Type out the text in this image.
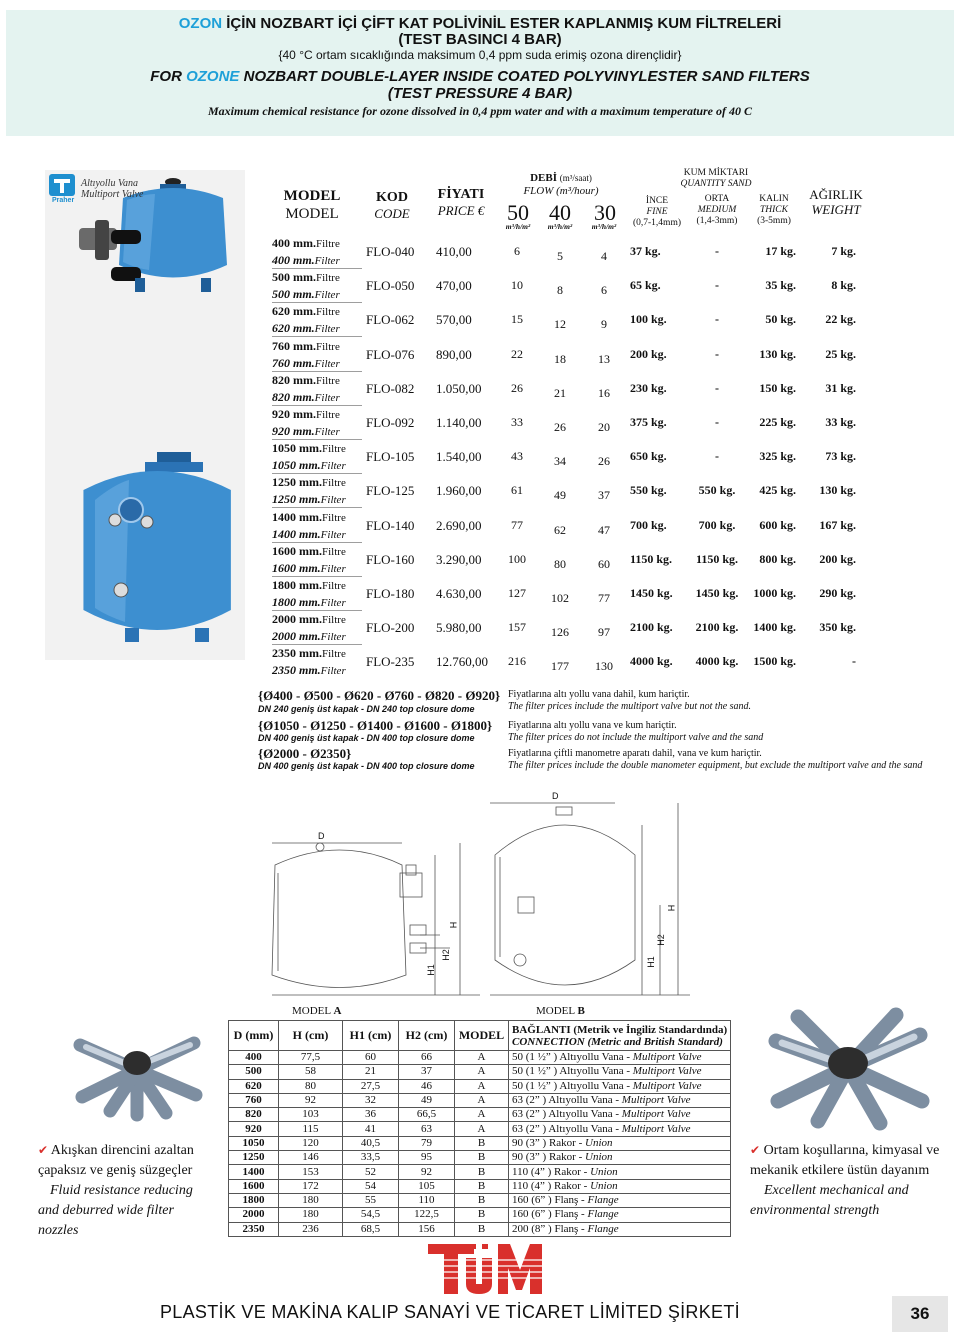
OZON İÇİN NOZBART İÇİ ÇİFT KAT POLİVİNİL ESTER KAPLANMIŞ KUM FİLTRELERİ
(TEST BASINCI 4 BAR)
{40 °C ortam sıcaklığında maksimum 0,4 ppm suda erimiş ozona dirençlidir}
FOR OZONE NOZBART DOUBLE-LAYER INSIDE COATED POLYVINYLESTER SAND FILTERS
(TEST PRESSURE 4 BAR)
Maximum chemical resistance for ozone dissolved in 0,4 ppm water and with a maximum temperature of 40 C
Praher
Altıyollu Vana
Multiport Valve	MODEL
MODEL
KOD
CODE
FİYATI
PRICE €
DEBİ (m³/saat)
FLOW (m³/hour)
50 40	30
m³/h/m²	m³/h/m²	m³/h/m²
KUM MİKTARI
QUANTITY SAND
İNCE
FINE
(0,7-1,4mm)
ORTA
MEDIUM
(1,4-3mm)
KALIN
THICK
(3-5mm)
AĞIRLIK
WEIGHT
400 mm.Filtre
400 mm.Filter
FLO-040 410,00	6	5	4	37 kg.	-	17 kg.	7 kg.
500 mm.Filtre
500 mm.Filter
FLO-050 470,00	10	8	6	65 kg.	-	35 kg.	8 kg.
620 mm.Filtre
620 mm.Filter
FLO-062 570,00	15	12	9	100 kg.	-	50 kg.	22 kg.
760 mm.Filtre
760 mm.Filter
FLO-076 890,00	22	18	13	200 kg.	-	130 kg.	25 kg.
820 mm.Filtre
820 mm.Filter
FLO-082 1.050,00	26	21	16	230 kg.	-	150 kg.	31 kg.
920 mm.Filtre
920 mm.Filter
FLO-092 1.140,00	33	26	20	375 kg.	-	225 kg.	33 kg.
1050 mm.Filtre
1050 mm.Filter
FLO-105 1.540,00	43	34	26	650 kg.	-	325 kg.	73 kg.
1250 mm.Filtre
1250 mm.Filter
FLO-125 1.960,00	61	49	37	550 kg.	550 kg.	425 kg.	130 kg.
1400 mm.Filtre
1400 mm.Filter
FLO-140 2.690,00	77	62	47	700 kg.	700 kg.	600 kg.	167 kg.
1600 mm.Filtre
1600 mm.Filter
FLO-160 3.290,00	100	80	60	1150 kg.	1150 kg.	800 kg.	200 kg.
1800 mm.Filtre
1800 mm.Filter
FLO-180 4.630,00	127	102	77	1450 kg.	1450 kg.	1000 kg.	290 kg.
2000 mm.Filtre
2000 mm.Filter
FLO-200 5.980,00	157	126	97	2100 kg.	2100 kg.	1400 kg.	350 kg.
2350 mm.Filtre
2350 mm.Filter
FLO-235 12.760,00	216	177	130	4000 kg.	4000 kg.	1500 kg.	-
{Ø400 - Ø500 - Ø620 - Ø760 - Ø820 - Ø920}
DN 240 geniş üst kapak - DN 240 top closure dome
{Ø1050 - Ø1250 - Ø1400 - Ø1600 - Ø1800}
DN 400 geniş üst kapak - DN 400 top closure dome
{Ø2000 - Ø2350}
DN 400 geniş üst kapak - DN 400 top closure dome
Fiyatlarına altı yollu vana dahil, kum hariçtir.
The filter prices include the multiport valve but not the sand.
Fiyatlarına altı yollu vana ve kum hariçtir.
The filter prices do not include the multiport valve and the sand
Fiyatlarına çiftli manometre aparatı dahil, vana ve kum hariçtir.
The filter prices include the double manometer equipment, but exclude the multiport valve and the sand
D
D
H
H
H1
H2
H1
H2
MODEL A	MODEL B
D (mm)	H (cm)	H1 (cm)	H2 (cm)	MODEL	BAĞLANTI (Metrik ve İngiliz Standardında)
CONNECTION (Metric and British Standard)

400	77,5	60	66	A	50 (1 ½” ) Altıyollu Vana - Multiport Valve
500	58	21	37	A	50 (1 ½” ) Altıyollu Vana - Multiport Valve
620	80	27,5	46	A	50 (1 ½” ) Altıyollu Vana - Multiport Valve
760	92	32	49	A	63 (2” ) Altıyollu Vana - Multiport Valve
820	103	36	66,5	A	63 (2” ) Altıyollu Vana - Multiport Valve
920	115	41	63	A	63 (2” ) Altıyollu Vana - Multiport Valve
1050	120	40,5	79	B	90 (3” ) Rakor - Union
1250	146	33,5	95	B	90 (3” ) Rakor - Union
1400	153	52	92	B	110 (4” ) Rakor - Union
1600	172	54	105	B	110 (4” ) Rakor - Union
1800	180	55	110	B	160 (6” ) Flanş - Flange
2000	180	54,5	122,5	B	160 (6” ) Flanş - Flange
2350	236	68,5	156	B	200 (8” ) Flanş - Flange
✔ Akışkan direncini azaltan
çapaksız ve geniş süzgeçler
Fluid resistance reducing
and deburred wide filter
nozzles
✔ Ortam koşullarına, kimyasal ve
mekanik etkilere üstün dayanım
Excellent mechanical and
environmental strength
PLASTİK VE MAKİNA KALIP SANAYİ VE TİCARET LİMİTED ŞİRKETİ	36
